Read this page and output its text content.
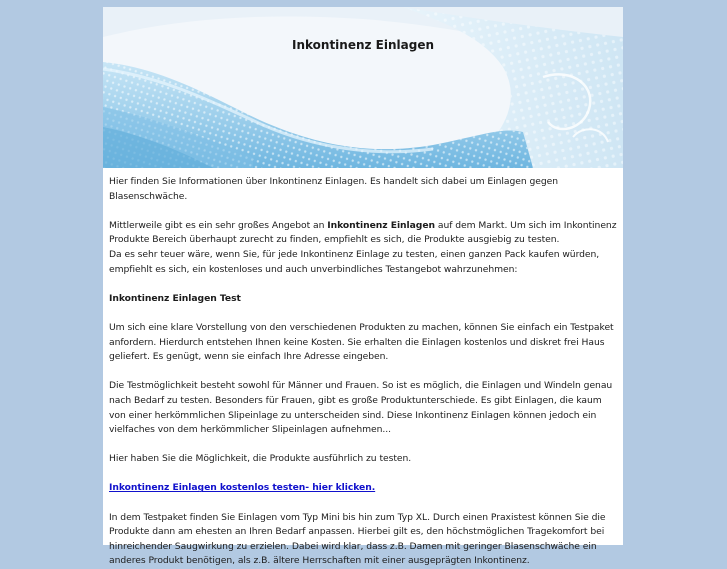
Inkontinenz Einlagen

Hier finden Sie Informationen über Inkontinenz Einlagen. Es handelt sich dabei um Einlagen gegen Blasenschwäche.

Mittlerweile gibt es ein sehr großes Angebot an Inkontinenz Einlagen auf dem Markt. Um sich im Inkontinenz Produkte Bereich überhaupt zurecht zu finden, empfiehlt es sich, die Produkte ausgiebig zu testen.
Da es sehr teuer wäre, wenn Sie, für jede Inkontinenz Einlage zu testen, einen ganzen Pack kaufen würden, empfiehlt es sich, ein kostenloses und auch unverbindliches Testangebot wahrzunehmen:

Inkontinenz Einlagen Test

Um sich eine klare Vorstellung von den verschiedenen Produkten zu machen, können Sie einfach ein Testpaket anfordern. Hierdurch entstehen Ihnen keine Kosten. Sie erhalten die Einlagen kostenlos und diskret frei Haus geliefert. Es genügt, wenn sie einfach Ihre Adresse eingeben.

Die Testmöglichkeit besteht sowohl für Männer und Frauen. So ist es möglich, die Einlagen und Windeln genau nach Bedarf zu testen. Besonders für Frauen, gibt es große Produktunterschiede. Es gibt Einlagen, die kaum von einer herkömmlichen Slipeinlage zu unterscheiden sind. Diese Inkontinenz Einlagen können jedoch ein vielfaches von dem herkömmlicher Slipeinlagen aufnehmen...

Hier haben Sie die Möglichkeit, die Produkte ausführlich zu testen.

Inkontinenz Einlagen kostenlos testen- hier klicken.

In dem Testpaket finden Sie Einlagen vom Typ Mini bis hin zum Typ XL. Durch einen Praxistest können Sie die Produkte dann am ehesten an Ihren Bedarf anpassen. Hierbei gilt es, den höchstmöglichen Tragekomfort bei hinreichender Saugwirkung zu erzielen. Dabei wird klar, dass z.B. Damen mit geringer Blasenschwäche ein anderes Produkt benötigen, als z.B. ältere Herrschaften mit einer ausgeprägten Inkontinenz.
